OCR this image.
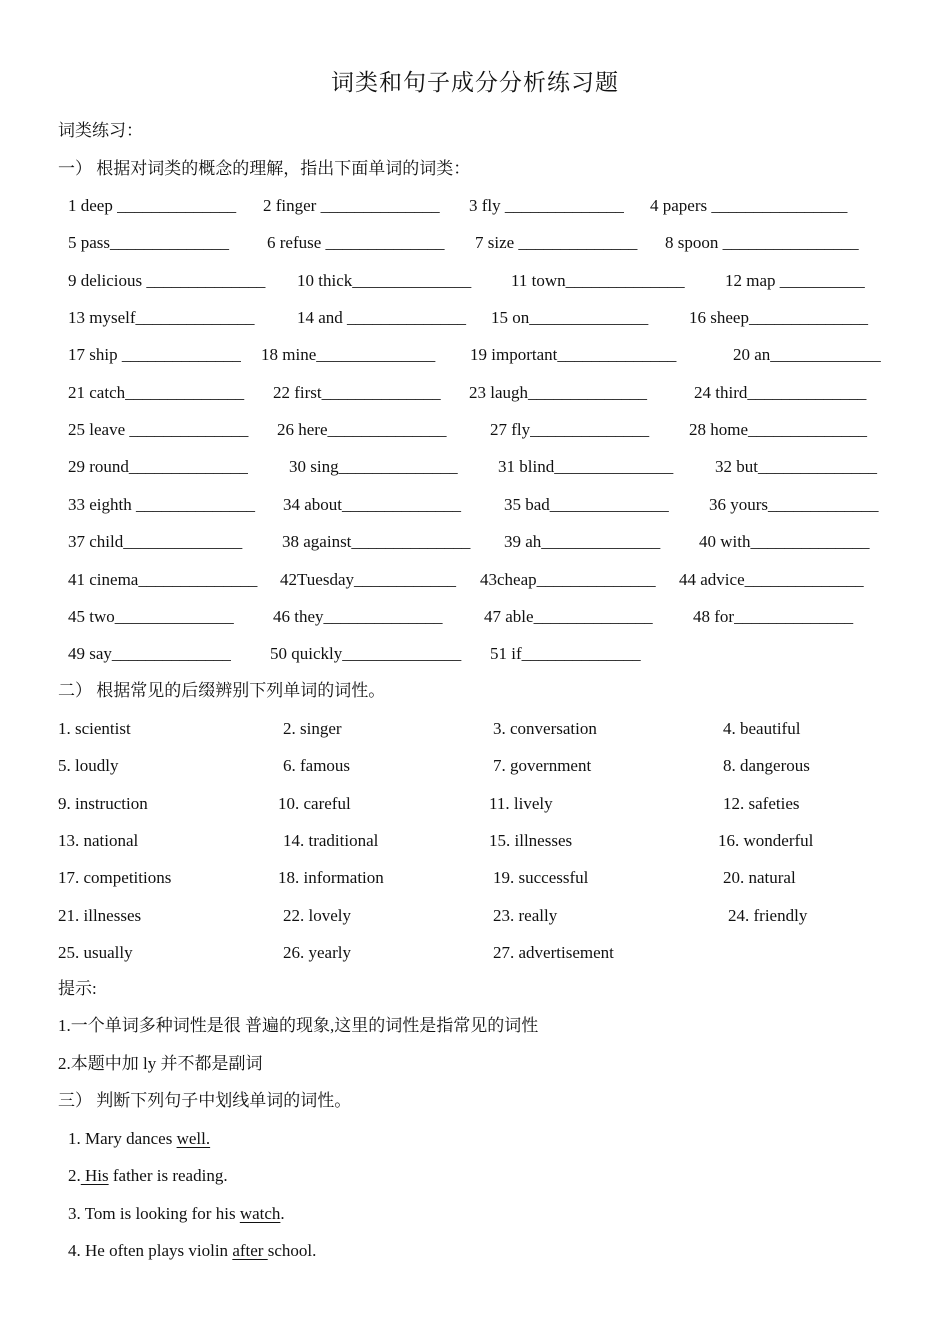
词类和句子成分分析练习题
词类练习：
一） 根据对词类的概念的理解，指出下面单词的词类：
1 deep ______________ 2 finger ______________ 3 fly ______________ 4 papers ________________
5 pass______________ 6 refuse ______________ 7 size ______________ 8 spoon ________________
9 delicious ______________ 10 thick______________ 11 town______________ 12 map __________
13 myself______________ 14 and ______________ 15 on______________ 16 sheep______________
17 ship ______________ 18 mine______________ 19 important______________	20 an_____________
21 catch______________ 22 first______________ 23 laugh______________	24 third______________
25 leave ______________ 26 here______________	27 fly______________ 28 home______________
29 round______________ 30 sing______________ 31 blind______________ 32 but______________
33 eighth ______________ 34 about______________	35 bad______________ 36 yours_____________
37 child______________ 38 against______________ 39 ah______________ 40 with______________
41 cinema______________ 42Tuesday____________ 43cheap______________ 44 advice______________
45 two______________ 46 they______________ 47 able______________ 48 for______________
49 say______________ 50 quickly______________ 51 if______________
二） 根据常见的后缀辨别下列单词的词性。
1. scientist	2. singer	3. conversation	4. beautiful
5. loudly	6. famous	7. government	8. dangerous
9. instruction	10. careful	11. lively	12. safeties
13. national	14. traditional	15. illnesses	16. wonderful
17. competitions	18. information	19. successful	20. natural
21. illnesses	22. lovely	23. really	24. friendly
25. usually	26. yearly	27. advertisement
提示:
1.一个单词多种词性是很 普遍的现象,这里的词性是指常见的词性
2.本题中加 ly 并不都是副词
三） 判断下列句子中划线单词的词性。
1. Mary dances well.
2. His father is reading.
3. Tom is looking for his watch.
4. He often plays violin after school.
